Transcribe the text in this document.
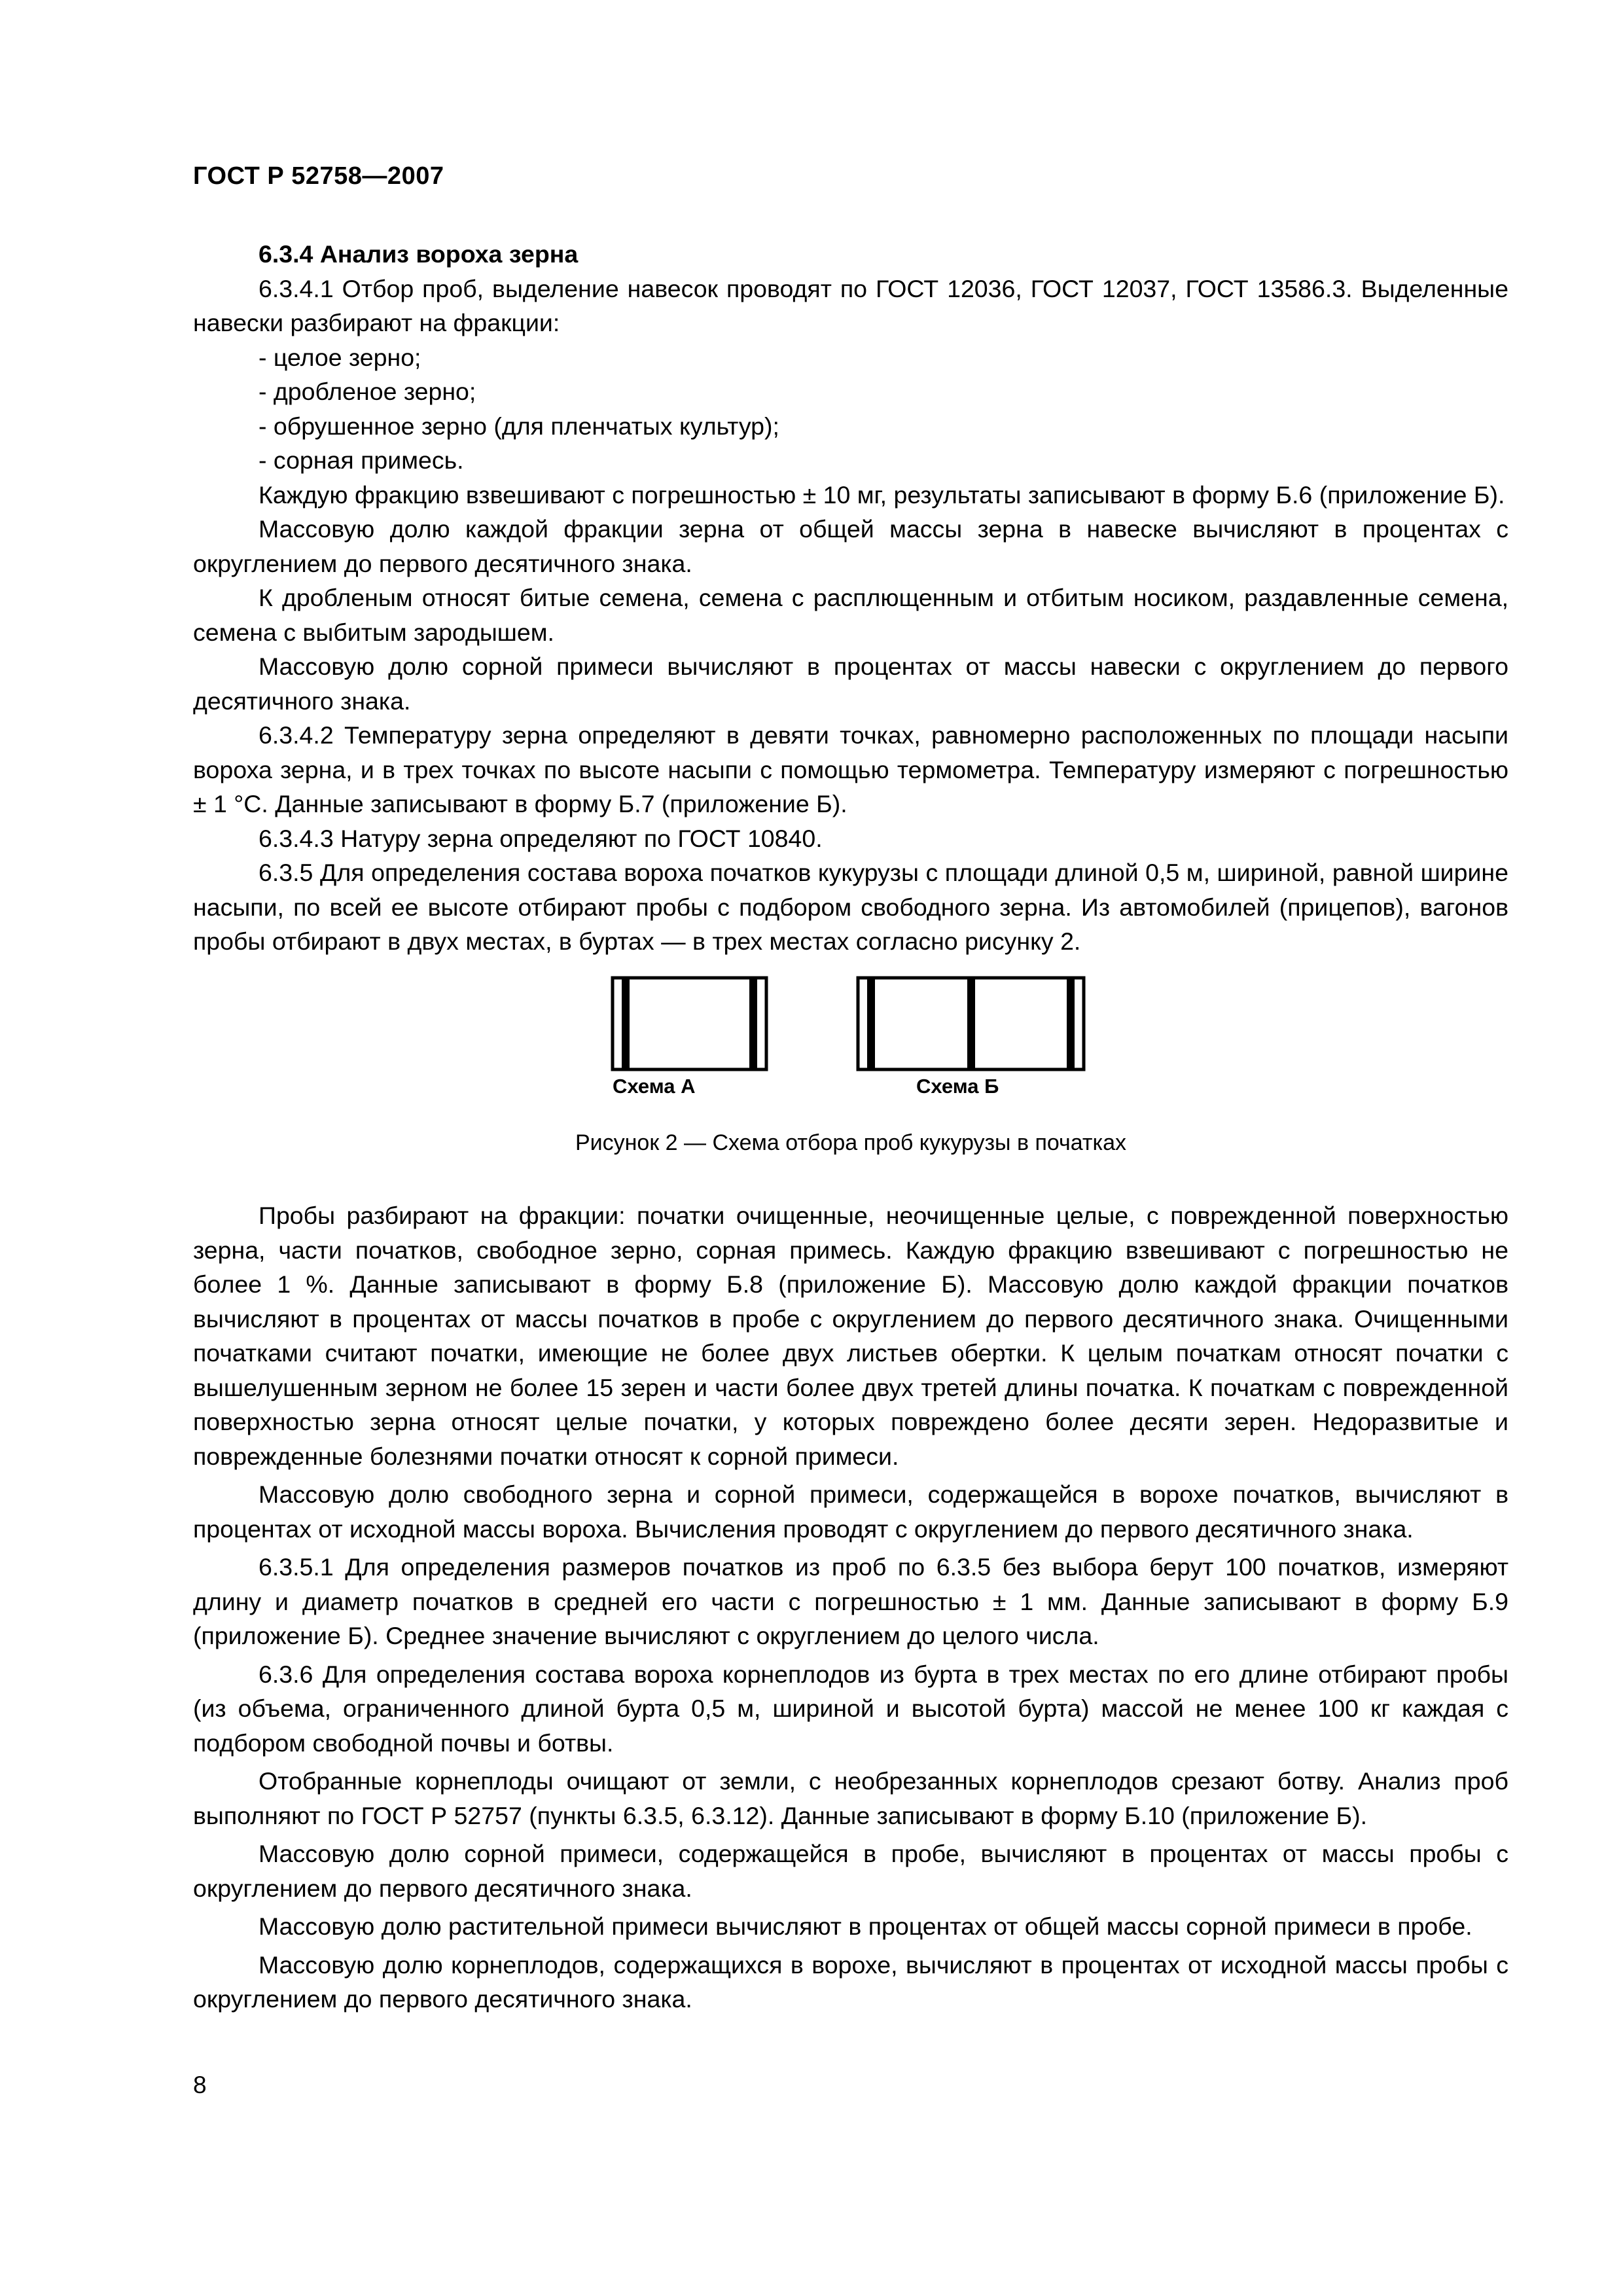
ГОСТ Р 52758—2007

6.3.4 Анализ вороха зерна

6.3.4.1 Отбор проб, выделение навесок проводят по ГОСТ 12036, ГОСТ 12037, ГОСТ 13586.3. Выделенные навески разбирают на фракции:

- целое зерно;

- дробленое зерно;

- обрушенное зерно (для пленчатых культур);

- сорная примесь.

Каждую фракцию взвешивают с погрешностью ± 10 мг, результаты записывают в форму Б.6 (приложение Б).

Массовую долю каждой фракции зерна от общей массы зерна в навеске вычисляют в процентах с округлением до первого десятичного знака.

К дробленым относят битые семена, семена с расплющенным и отбитым носиком, раздавленные семена, семена с выбитым зародышем.

Массовую долю сорной примеси вычисляют в процентах от массы навески с округлением до первого десятичного знака.

6.3.4.2 Температуру зерна определяют в девяти точках, равномерно расположенных по площади насыпи вороха зерна, и в трех точках по высоте насыпи с помощью термометра. Температуру измеряют с погрешностью ± 1 °С. Данные записывают в форму Б.7 (приложение Б).

6.3.4.3 Натуру зерна определяют по ГОСТ 10840.

6.3.5 Для определения состава вороха початков кукурузы с площади длиной 0,5 м, шириной, равной ширине насыпи, по всей ее высоте отбирают пробы с подбором свободного зерна. Из автомобилей (прицепов), вагонов пробы отбирают в двух местах, в буртах — в трех местах согласно рисунку 2.

Схема А	Схема Б
Рисунок 2 — Схема отбора проб кукурузы в початках

Пробы разбирают на фракции: початки очищенные, неочищенные целые, с поврежденной поверхностью зерна, части початков, свободное зерно, сорная примесь. Каждую фракцию взвешивают с погрешностью не более 1 %. Данные записывают в форму Б.8 (приложение Б). Массовую долю каждой фракции початков вычисляют в процентах от массы початков в пробе с округлением до первого десятичного знака. Очищенными початками считают початки, имеющие не более двух листьев обертки. К целым початкам относят початки с вышелушенным зерном не более 15 зерен и части более двух третей длины початка. К початкам с поврежденной поверхностью зерна относят целые початки, у которых повреждено более десяти зерен. Недоразвитые и поврежденные болезнями початки относят к сорной примеси.

Массовую долю свободного зерна и сорной примеси, содержащейся в ворохе початков, вычисляют в процентах от исходной массы вороха. Вычисления проводят с округлением до первого десятичного знака.

6.3.5.1 Для определения размеров початков из проб по 6.3.5 без выбора берут 100 початков, измеряют длину и диаметр початков в средней его части с погрешностью ± 1 мм. Данные записывают в форму Б.9 (приложение Б). Среднее значение вычисляют с округлением до целого числа.

6.3.6 Для определения состава вороха корнеплодов из бурта в трех местах по его длине отбирают пробы (из объема, ограниченного длиной бурта 0,5 м, шириной и высотой бурта) массой не менее 100 кг каждая с подбором свободной почвы и ботвы.

Отобранные корнеплоды очищают от земли, с необрезанных корнеплодов срезают ботву. Анализ проб выполняют по ГОСТ Р 52757 (пункты 6.3.5, 6.3.12). Данные записывают в форму Б.10 (приложение Б).

Массовую долю сорной примеси, содержащейся в пробе, вычисляют в процентах от массы пробы с округлением до первого десятичного знака.

Массовую долю растительной примеси вычисляют в процентах от общей массы сорной примеси в пробе.

Массовую долю корнеплодов, содержащихся в ворохе, вычисляют в процентах от исходной массы пробы с округлением до первого десятичного знака.

8
